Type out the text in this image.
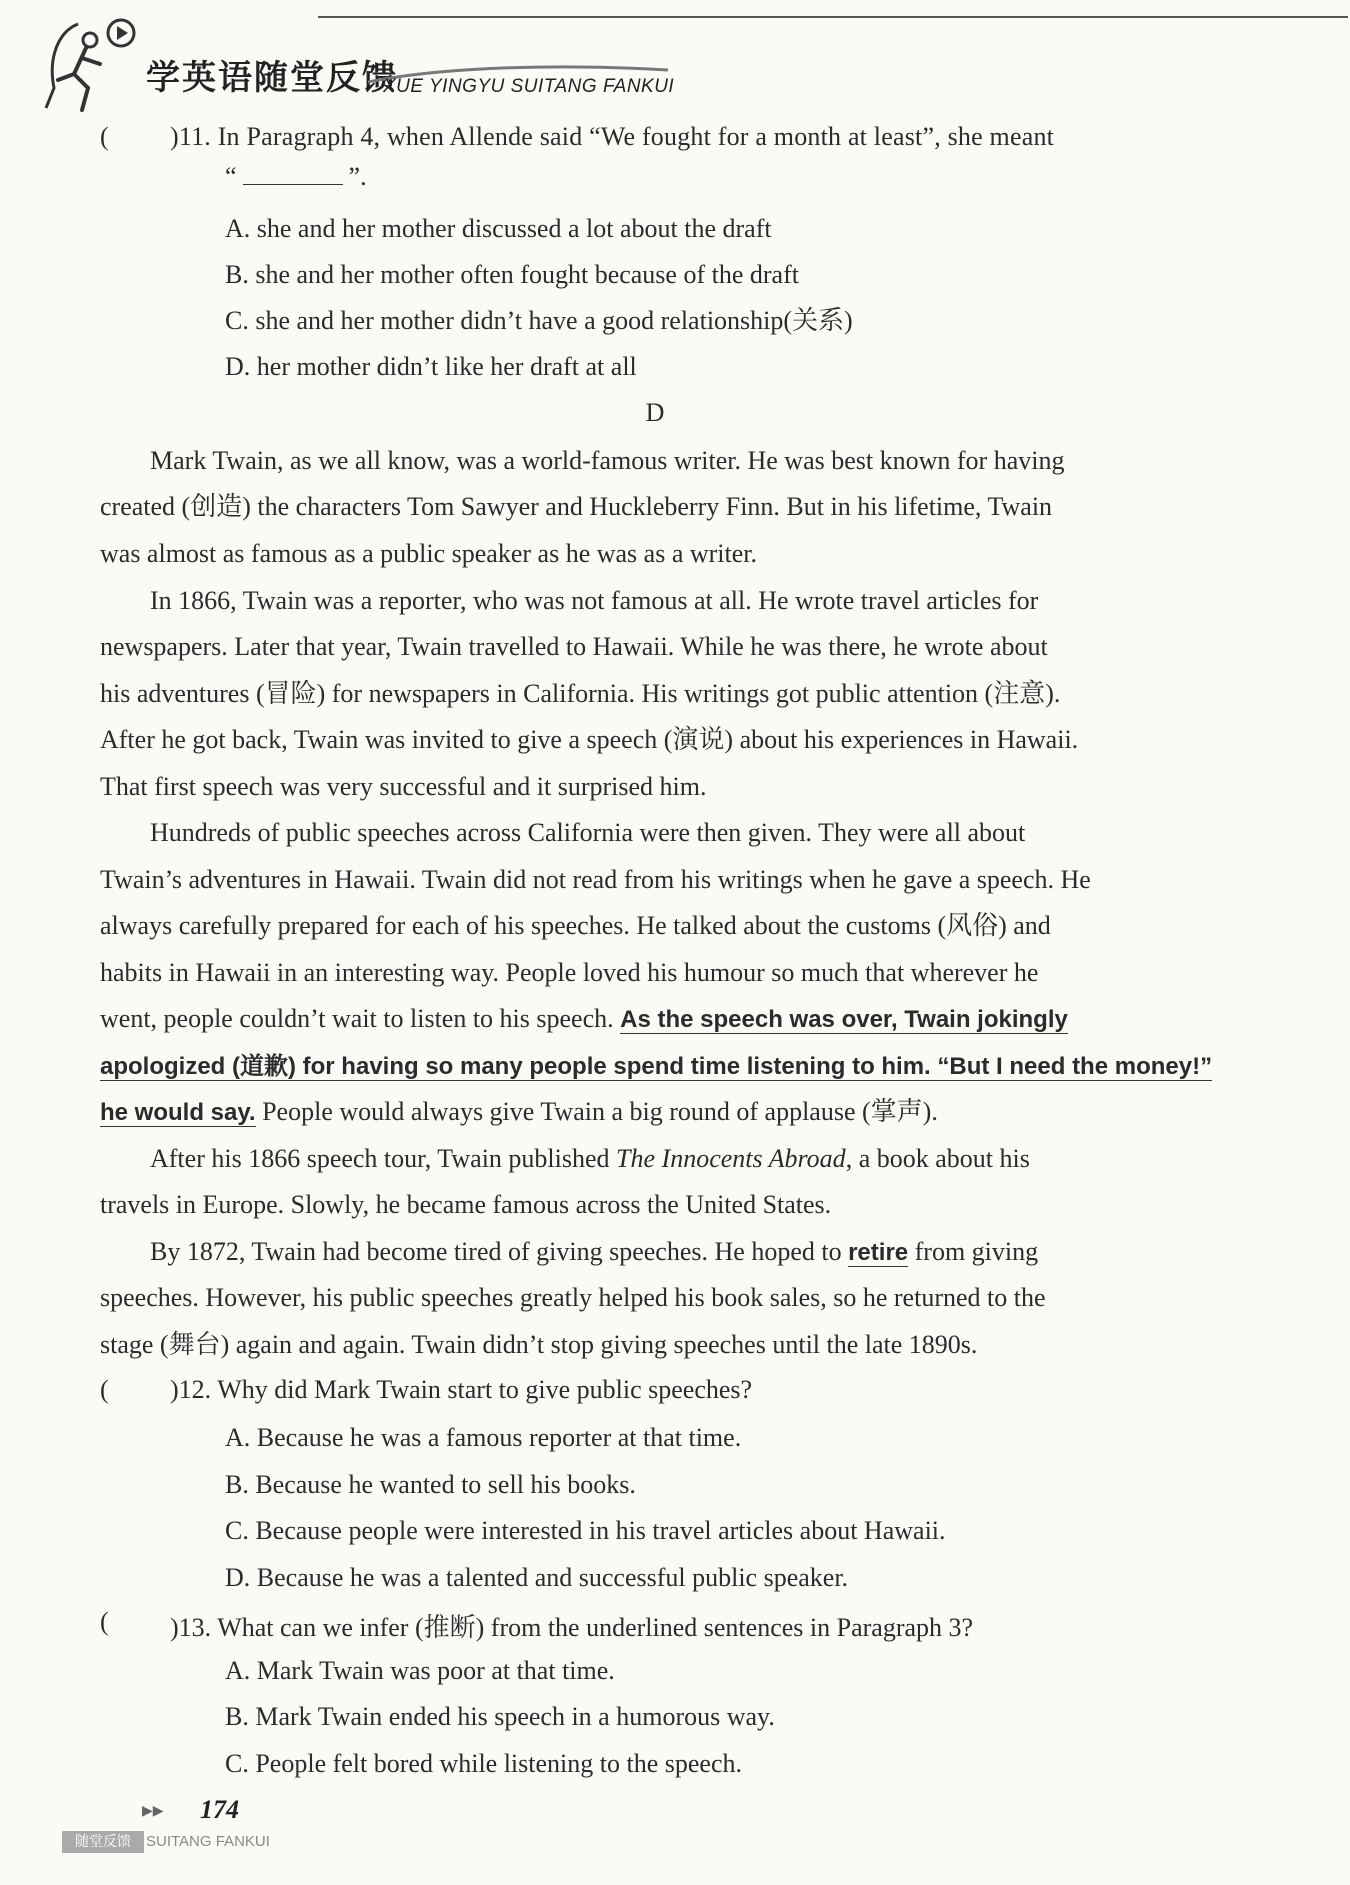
学英语随堂反馈
XUE YINGYU SUITANG FANKUI
(	)11. In Paragraph 4, when Allende said “We fought for a month at least”, she meant
“	”.
A. she and her mother discussed a lot about the draft
B. she and her mother often fought because of the draft
C. she and her mother didn’t have a good relationship(关系)
D. her mother didn’t like her draft at all
D
Mark Twain, as we all know, was a world-famous writer. He was best known for having
created (创造) the characters Tom Sawyer and Huckleberry Finn. But in his lifetime, Twain
was almost as famous as a public speaker as he was as a writer.
In 1866, Twain was a reporter, who was not famous at all. He wrote travel articles for
newspapers. Later that year, Twain travelled to Hawaii. While he was there, he wrote about
his adventures (冒险) for newspapers in California. His writings got public attention (注意).
After he got back, Twain was invited to give a speech (演说) about his experiences in Hawaii.
That first speech was very successful and it surprised him.
Hundreds of public speeches across California were then given. They were all about
Twain’s adventures in Hawaii. Twain did not read from his writings when he gave a speech. He
always carefully prepared for each of his speeches. He talked about the customs (风俗) and
habits in Hawaii in an interesting way. People loved his humour so much that wherever he
went, people couldn’t wait to listen to his speech. As the speech was over, Twain jokingly
apologized (道歉) for having so many people spend time listening to him. “But I need the money!”
he would say. People would always give Twain a big round of applause (掌声).
After his 1866 speech tour, Twain published The Innocents Abroad, a book about his
travels in Europe. Slowly, he became famous across the United States.
By 1872, Twain had become tired of giving speeches. He hoped to retire from giving
speeches. However, his public speeches greatly helped his book sales, so he returned to the
stage (舞台) again and again. Twain didn’t stop giving speeches until the late 1890s.
(	)12. Why did Mark Twain start to give public speeches?
A. Because he was a famous reporter at that time.
B. Because he wanted to sell his books.
C. Because people were interested in his travel articles about Hawaii.
D. Because he was a talented and successful public speaker.
(	)13. What can we infer (推断) from the underlined sentences in Paragraph 3?
A. Mark Twain was poor at that time.
B. Mark Twain ended his speech in a humorous way.
C. People felt bored while listening to the speech.
▶▶ 174
随堂反馈	SUITANG FANKUI
